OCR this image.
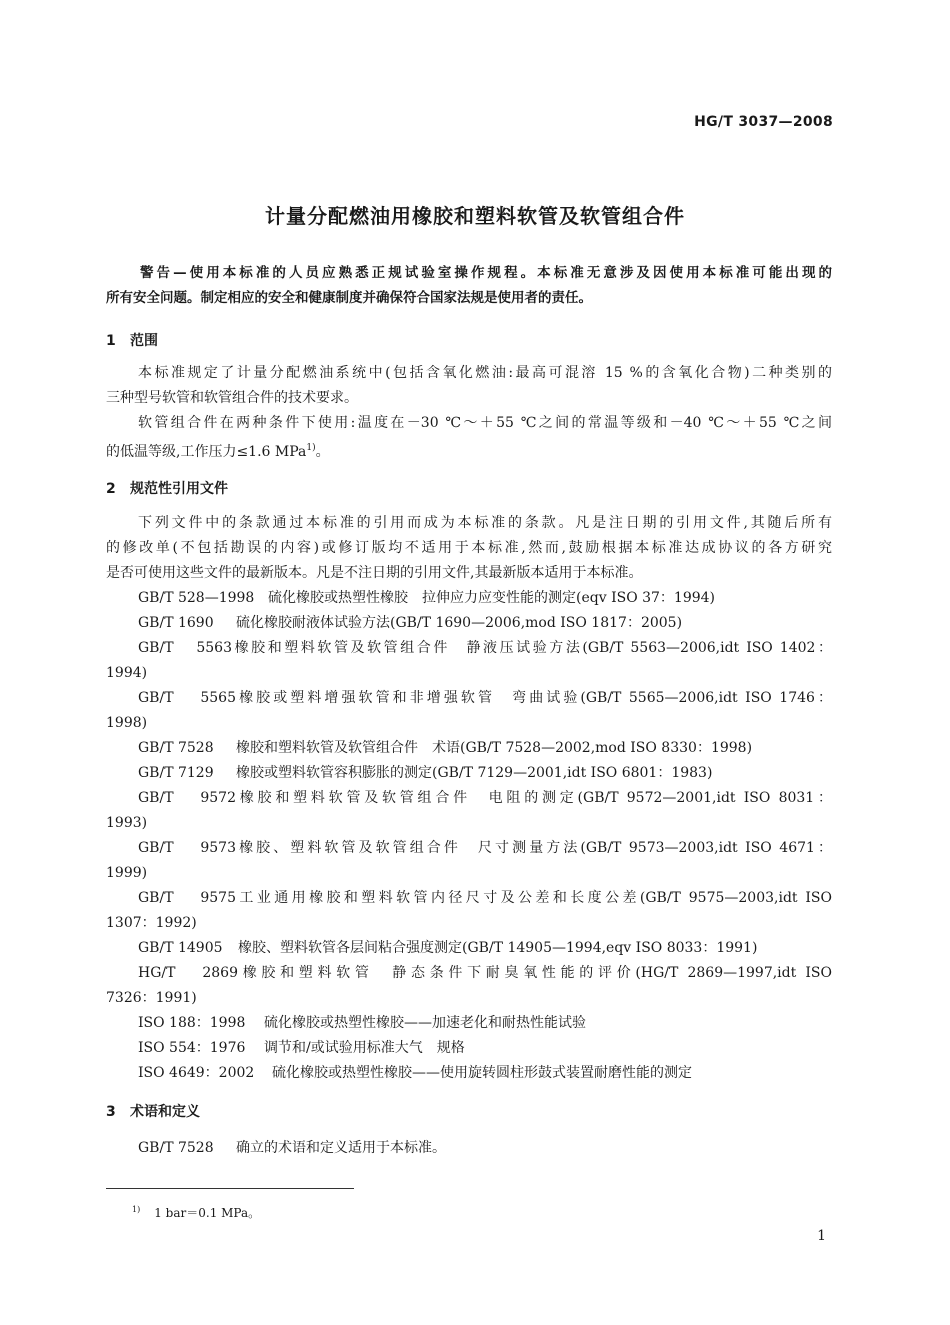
HG/T 3037—2008
计量分配燃油用橡胶和塑料软管及软管组合件
警告—使用本标准的人员应熟悉正规试验室操作规程。本标准无意涉及因使用本标准可能出现的
所有安全问题。制定相应的安全和健康制度并确保符合国家法规是使用者的责任。
1 范围
本标准规定了计量分配燃油系统中(包括含氧化燃油:最高可混溶 15 %的含氧化合物)二种类别的
三种型号软管和软管组合件的技术要求。
软管组合件在两种条件下使用:温度在－30 ℃～＋55 ℃之间的常温等级和－40 ℃～＋55 ℃之间
的低温等级,工作压力≤1.6 MPa$^{1)}$。
2 规范性引用文件
下列文件中的条款通过本标准的引用而成为本标准的条款。凡是注日期的引用文件,其随后所有
的修改单(不包括勘误的内容)或修订版均不适用于本标准,然而,鼓励根据本标准达成协议的各方研究
是否可使用这些文件的最新版本。凡是不注日期的引用文件,其最新版本适用于本标准。
GB/T 528—1998 硫化橡胶或热塑性橡胶　拉伸应力应变性能的测定(eqv ISO 37：1994)
GB/T 1690 硫化橡胶耐液体试验方法(GB/T 1690—2006,mod ISO 1817：2005)
GB/T 5563橡胶和塑料软管及软管组合件　静液压试验方法(GB/T 5563—2006,idt ISO 1402：
1994)
GB/T 5565橡胶或塑料增强软管和非增强软管　弯曲试验(GB/T 5565—2006,idt ISO 1746：
1998)
GB/T 7528 橡胶和塑料软管及软管组合件　术语(GB/T 7528—2002,mod ISO 8330：1998)
GB/T 7129 橡胶或塑料软管容积膨胀的测定(GB/T 7129—2001,idt ISO 6801：1983)
GB/T 9572橡胶和塑料软管及软管组合件　电阻的测定(GB/T 9572—2001,idt ISO 8031：
1993)
GB/T 9573橡胶、塑料软管及软管组合件　尺寸测量方法(GB/T 9573—2003,idt ISO 4671：
1999)
GB/T 9575工业通用橡胶和塑料软管内径尺寸及公差和长度公差(GB/T 9575—2003,idt ISO
1307：1992)
GB/T 14905 橡胶、塑料软管各层间粘合强度测定(GB/T 14905—1994,eqv ISO 8033：1991)
HG/T 2869橡胶和塑料软管　静态条件下耐臭氧性能的评价(HG/T 2869—1997,idt ISO
7326：1991)
ISO 188：1998 硫化橡胶或热塑性橡胶——加速老化和耐热性能试验
ISO 554：1976 调节和/或试验用标准大气　规格
ISO 4649：2002 硫化橡胶或热塑性橡胶——使用旋转圆柱形鼓式装置耐磨性能的测定
3 术语和定义
GB/T 7528 确立的术语和定义适用于本标准。
$^{1)}$ 1 bar＝0.1 MPa。
1
